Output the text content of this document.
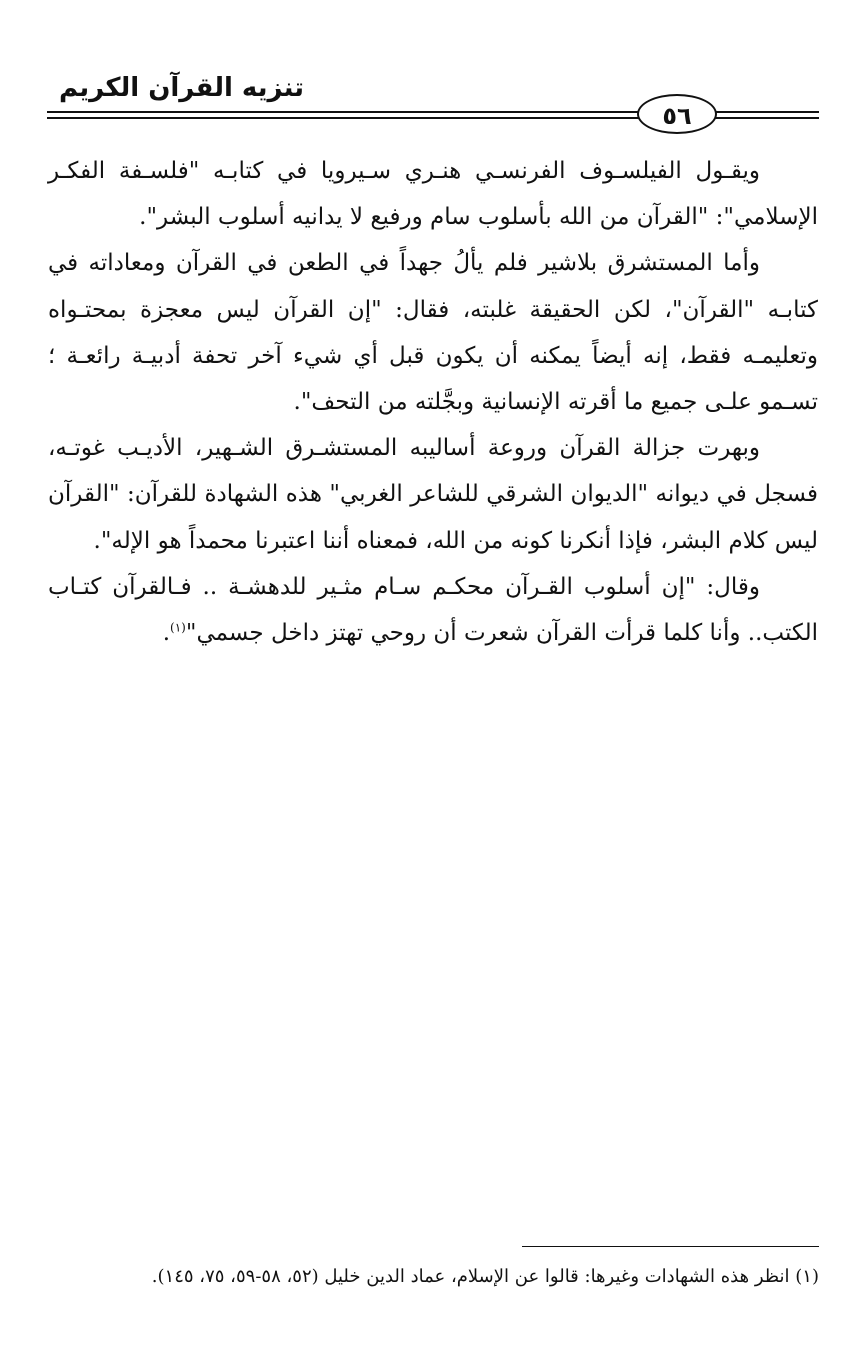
تنزيه القرآن الكريم
٥٦

ويقـول الفيلسـوف الفرنسـي هنـري سـيرويا في كتابـه "فلسـفة الفكـر الإسلامي": "القرآن من الله بأسلوب سام ورفيع لا يدانيه أسلوب البشر".

وأما المستشرق بلاشير فلم يألُ جهداً في الطعن في القرآن ومعاداته في كتابـه "القرآن"، لكن الحقيقة غلبته، فقال: "إن القرآن ليس معجزة بمحتـواه وتعليمـه فقط، إنه أيضاً يمكنه أن يكون قبل أي شيء آخر تحفة أدبيـة رائعـة ؛ تسـمو علـى جميع ما أقرته الإنسانية وبجَّلته من التحف".

وبهرت جزالة القرآن وروعة أساليبه المستشـرق الشـهير، الأديـب غوتـه، فسجل في ديوانه "الديوان الشرقي للشاعر الغربي" هذه الشهادة للقرآن: "القرآن ليس كلام البشر، فإذا أنكرنا كونه من الله، فمعناه أننا اعتبرنا محمداً هو الإله".

وقال: "إن أسلوب القـرآن محكـم سـام مثـير للدهشـة .. فـالقرآن كتـاب الكتب.. وأنا كلما قرأت القرآن شعرت أن روحي تهتز داخل جسمي"$^{(١)}$.

(١) انظر هذه الشهادات وغيرها: قالوا عن الإسلام، عماد الدين خليل (٥٢، ٥٨-٥٩، ٧٥، ١٤٥).
